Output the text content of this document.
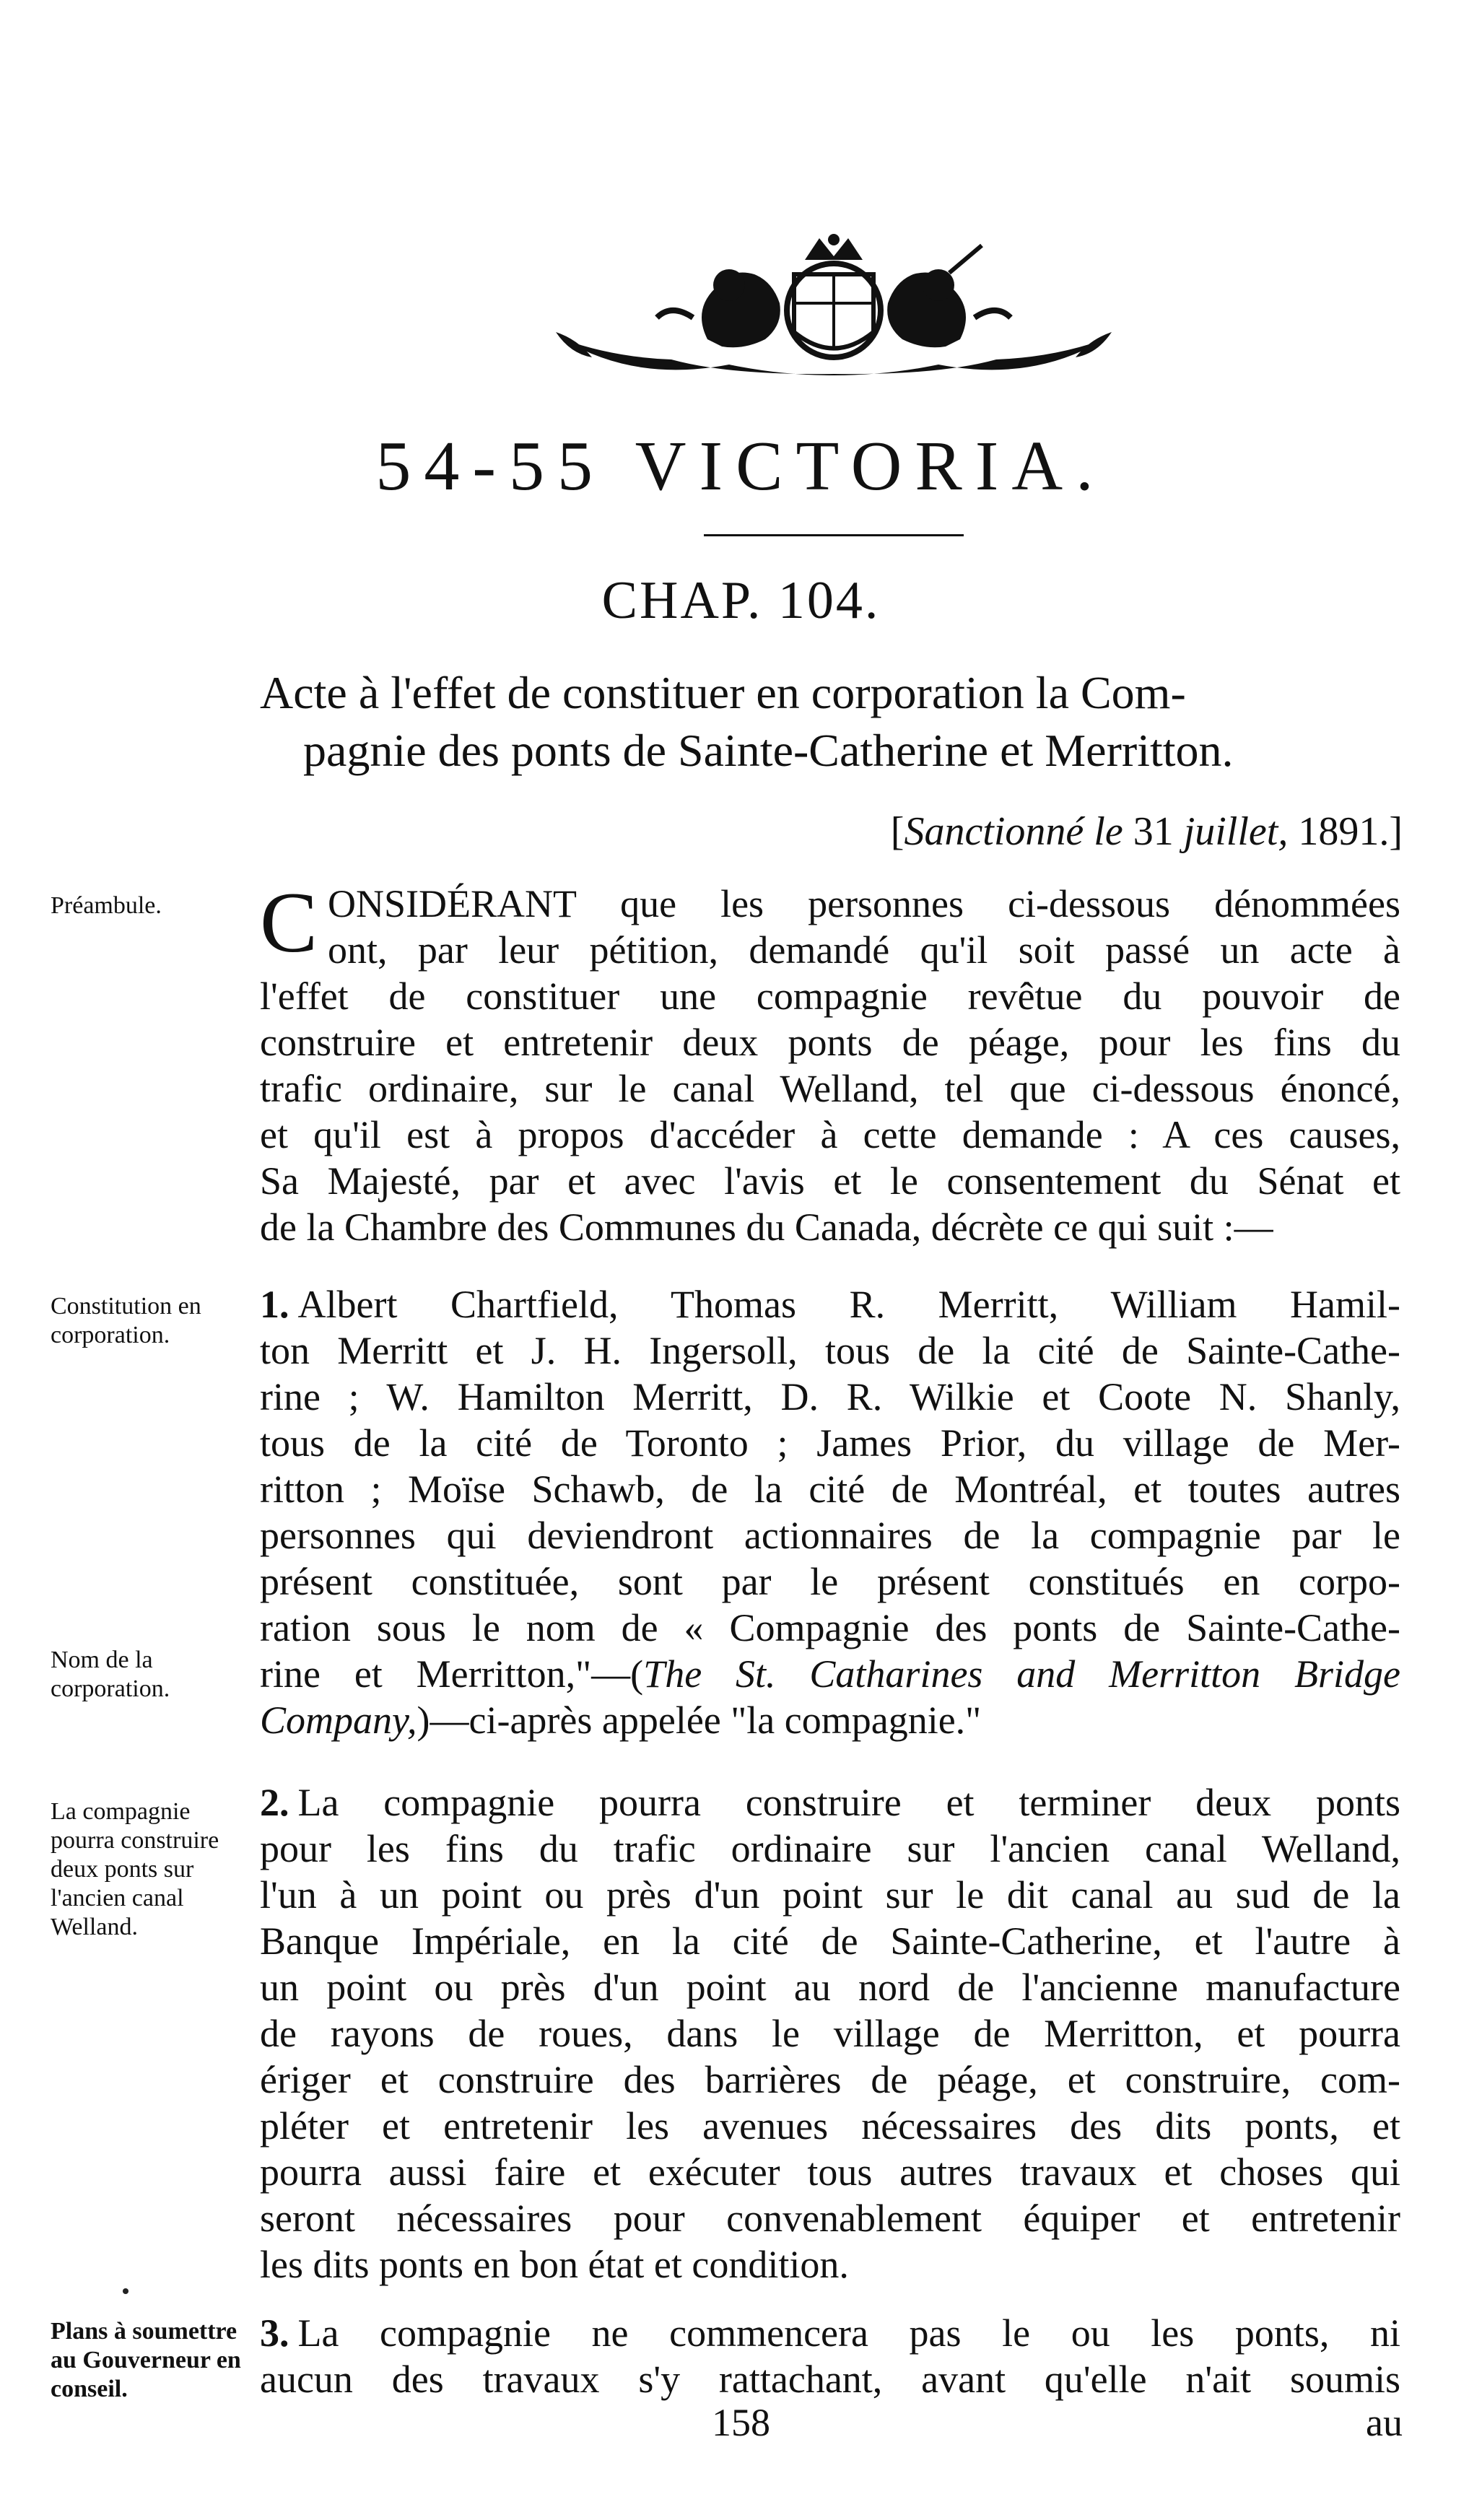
54-55 VICTORIA.
CHAP. 104.
Acte à l'effet de constituer en corporation la Com-
pagnie des ponts de Sainte-Catherine et Merritton.
[Sanctionné le 31 juillet, 1891.]
Préambule.
Constitution en corporation.
Nom de la corporation.
La compagnie pourra construire deux ponts sur l'ancien canal Welland.
Plans à soumettre au Gouverneur en conseil.
C ONSIDÉRANT que les personnes ci-dessous dénommées
ont, par leur pétition, demandé qu'il soit passé un acte à
l'effet de constituer une compagnie revêtue du pouvoir de
construire et entretenir deux ponts de péage, pour les fins du
trafic ordinaire, sur le canal Welland, tel que ci-dessous énoncé,
et qu'il est à propos d'accéder à cette demande : A ces causes,
Sa Majesté, par et avec l'avis et le consentement du Sénat et
de la Chambre des Communes du Canada, décrète ce qui suit :—
1. Albert Chartfield, Thomas R. Merritt, William Hamil-
ton Merritt et J. H. Ingersoll, tous de la cité de Sainte-Cathe-
rine ; W. Hamilton Merritt, D. R. Wilkie et Coote N. Shanly,
tous de la cité de Toronto ; James Prior, du village de Mer-
ritton ; Moïse Schawb, de la cité de Montréal, et toutes autres
personnes qui deviendront actionnaires de la compagnie par le
présent constituée, sont par le présent constitués en corpo-
ration sous le nom de « Compagnie des ponts de Sainte-Cathe-
rine et Merritton,"—(The St. Catharines and Merritton Bridge
Company,)—ci-après appelée "la compagnie."
2. La compagnie pourra construire et terminer deux ponts
pour les fins du trafic ordinaire sur l'ancien canal Welland,
l'un à un point ou près d'un point sur le dit canal au sud de la
Banque Impériale, en la cité de Sainte-Catherine, et l'autre à
un point ou près d'un point au nord de l'ancienne manufacture
de rayons de roues, dans le village de Merritton, et pourra
ériger et construire des barrières de péage, et construire, com-
pléter et entretenir les avenues nécessaires des dits ponts, et
pourra aussi faire et exécuter tous autres travaux et choses qui
seront nécessaires pour convenablement équiper et entretenir
les dits ponts en bon état et condition.
3. La compagnie ne commencera pas le ou les ponts, ni
aucun des travaux s'y rattachant, avant qu'elle n'ait soumis
158	au
